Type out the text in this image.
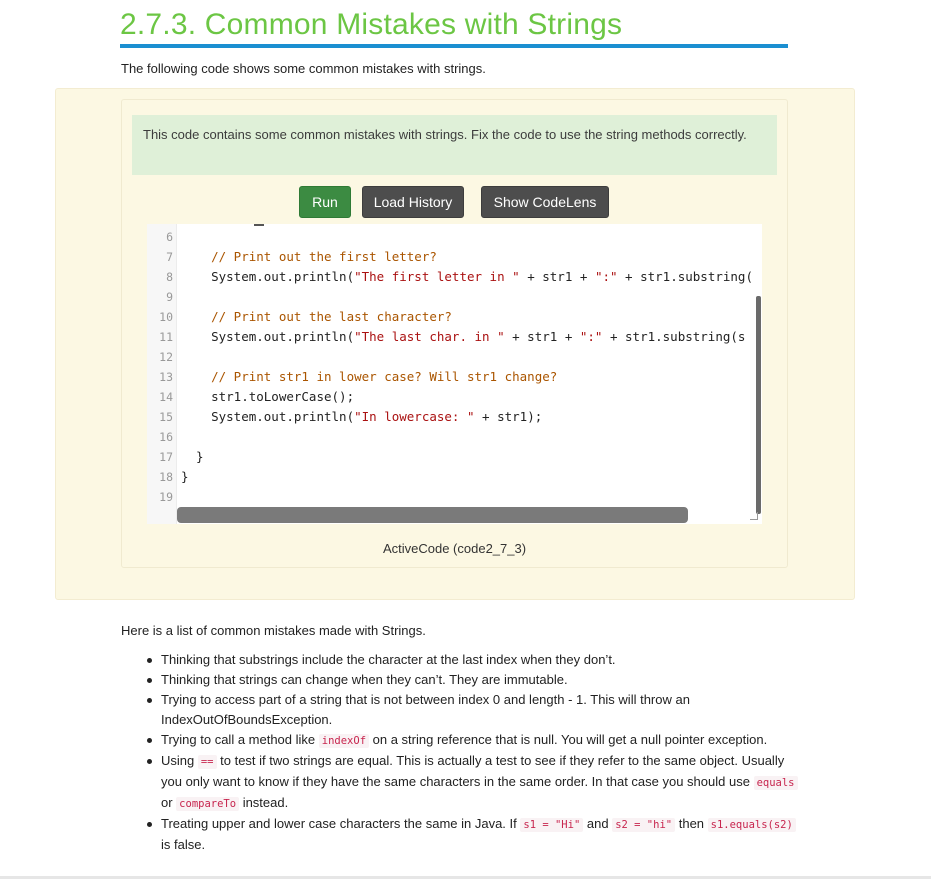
2.7.3. Common Mistakes with Strings

The following code shows some common mistakes with strings.

This code contains some common mistakes with strings. Fix the code to use the string methods correctly.
Run	Load History	Show CodeLens
6
7	// Print out the first letter?
8 System.out.println("The first letter in " + str1 + ":" + str1.substring(
9
10	// Print out the last character?
11 System.out.println("The last char. in " + str1 + ":" + str1.substring(s
12
13	// Print str1 in lower case? Will str1 change?
14 str1.toLowerCase();
15 System.out.println("In lowercase: " + str1);
16
17 }
18 }
19
ActiveCode (code2_7_3)

Here is a list of common mistakes made with Strings.

Thinking that substrings include the character at the last index when they don’t.
Thinking that strings can change when they can’t. They are immutable.
Trying to access part of a string that is not between index 0 and length - 1. This will throw an IndexOutOfBoundsException.
Trying to call a method like indexOf on a string reference that is null. You will get a null pointer exception.
Using == to test if two strings are equal. This is actually a test to see if they refer to the same object. Usually you only want to know if they have the same characters in the same order. In that case you should use equals or compareTo instead.
Treating upper and lower case characters the same in Java. If s1 = "Hi" and s2 = "hi" then s1.equals(s2) is false.
